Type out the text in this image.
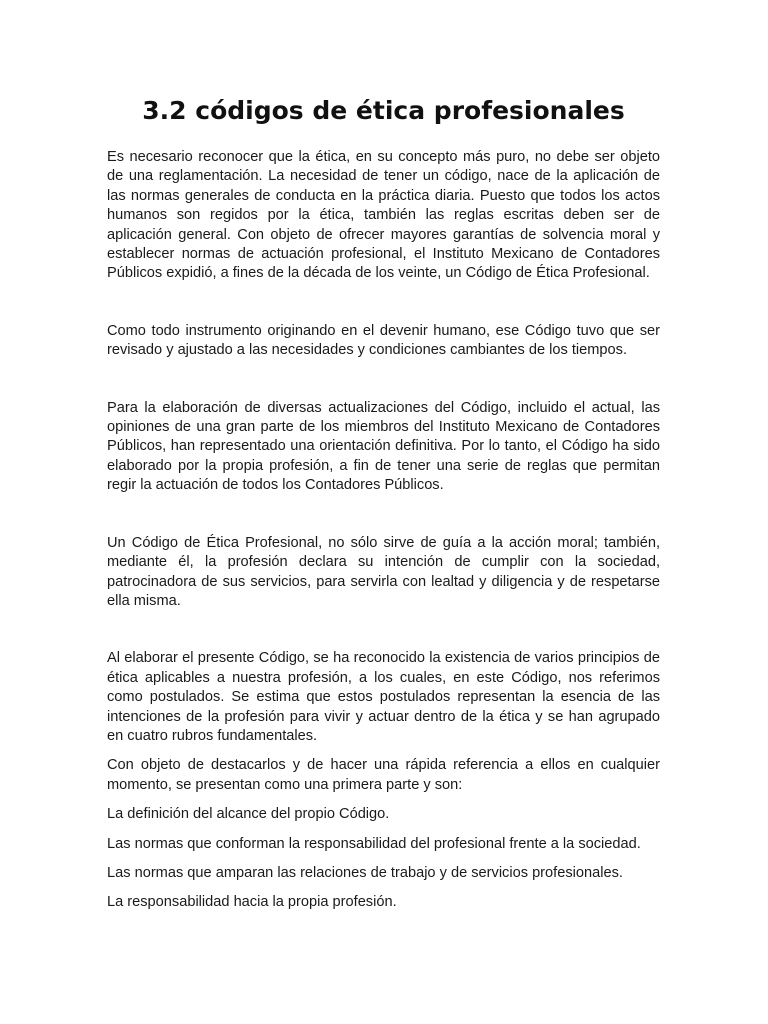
3.2 códigos de ética profesionales

Es necesario reconocer que la ética, en su concepto más puro, no debe ser objeto de una reglamentación. La necesidad de tener un código, nace de la aplicación de las normas generales de conducta en la práctica diaria. Puesto que todos los actos humanos son regidos por la ética, también las reglas escritas deben ser de aplicación general. Con objeto de ofrecer mayores garantías de solvencia moral y establecer normas de actuación profesional, el Instituto Mexicano de Contadores Públicos expidió, a fines de la década de los veinte, un Código de Ética Profesional.

Como todo instrumento originando en el devenir humano, ese Código tuvo que ser revisado y ajustado a las necesidades y condiciones cambiantes de los tiempos.

Para la elaboración de diversas actualizaciones del Código, incluido el actual, las opiniones de una gran parte de los miembros del Instituto Mexicano de Contadores Públicos, han representado una orientación definitiva. Por lo tanto, el Código ha sido elaborado por la propia profesión, a fin de tener una serie de reglas que permitan regir la actuación de todos los Contadores Públicos.

Un Código de Ética Profesional, no sólo sirve de guía a la acción moral; también, mediante él, la profesión declara su intención de cumplir con la sociedad, patrocinadora de sus servicios, para servirla con lealtad y diligencia y de respetarse ella misma.

Al elaborar el presente Código, se ha reconocido la existencia de varios principios de ética aplicables a nuestra profesión, a los cuales, en este Código, nos referimos como postulados. Se estima que estos postulados representan la esencia de las intenciones de la profesión para vivir y actuar dentro de la ética y se han agrupado en cuatro rubros fundamentales.

Con objeto de destacarlos y de hacer una rápida referencia a ellos en cualquier momento, se presentan como una primera parte y son:

La definición del alcance del propio Código.

Las normas que conforman la responsabilidad del profesional frente a la sociedad.

Las normas que amparan las relaciones de trabajo y de servicios profesionales.

La responsabilidad hacia la propia profesión.
